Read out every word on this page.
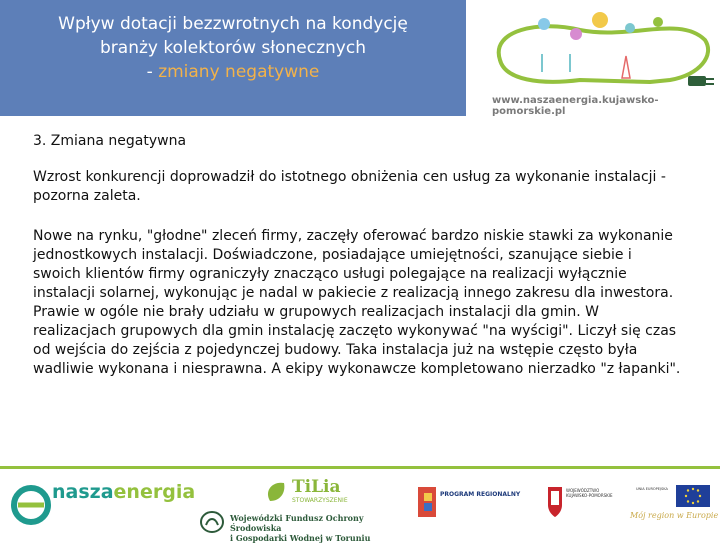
Wpływ dotacji bezzwrotnych na kondycję
branży kolektorów słonecznych
- zmiany negatywne
www.naszaenergia.kujawsko-pomorskie.pl

3. Zmiana negatywna

Wzrost konkurencji doprowadził do istotnego obniżenia cen usług za wykonanie instalacji - pozorna zaleta.

Nowe na rynku, "głodne" zleceń firmy, zaczęły oferować bardzo niskie stawki za wykonanie jednostkowych instalacji. Doświadczone, posiadające umiejętności, szanujące siebie i swoich klientów firmy ograniczyły znacząco usługi polegające na realizacji wyłącznie instalacji solarnej, wykonując je nadal w pakiecie z realizacją innego zakresu dla inwestora. Prawie w ogóle nie brały udziału w grupowych realizacjach instalacji dla gmin. W realizacjach grupowych dla gmin instalację zaczęto wykonywać "na wyścigi". Liczył się czas od wejścia do zejścia z pojedynczej budowy. Taka instalacja już na wstępie często była wadliwie wykonana i niesprawna. A ekipy wykonawcze kompletowano nierzadko "z łapanki".

naszaenergia	TiLia
STOWARZYSZENIE
Wojewódzki Fundusz Ochrony Środowiska
i Gospodarki Wodnej w Toruniu
PROGRAM REGIONALNY
WOJEWÓDZTWO KUJAWSKO-POMORSKIE
UNIA EUROPEJSKA
Mój region w Europie
